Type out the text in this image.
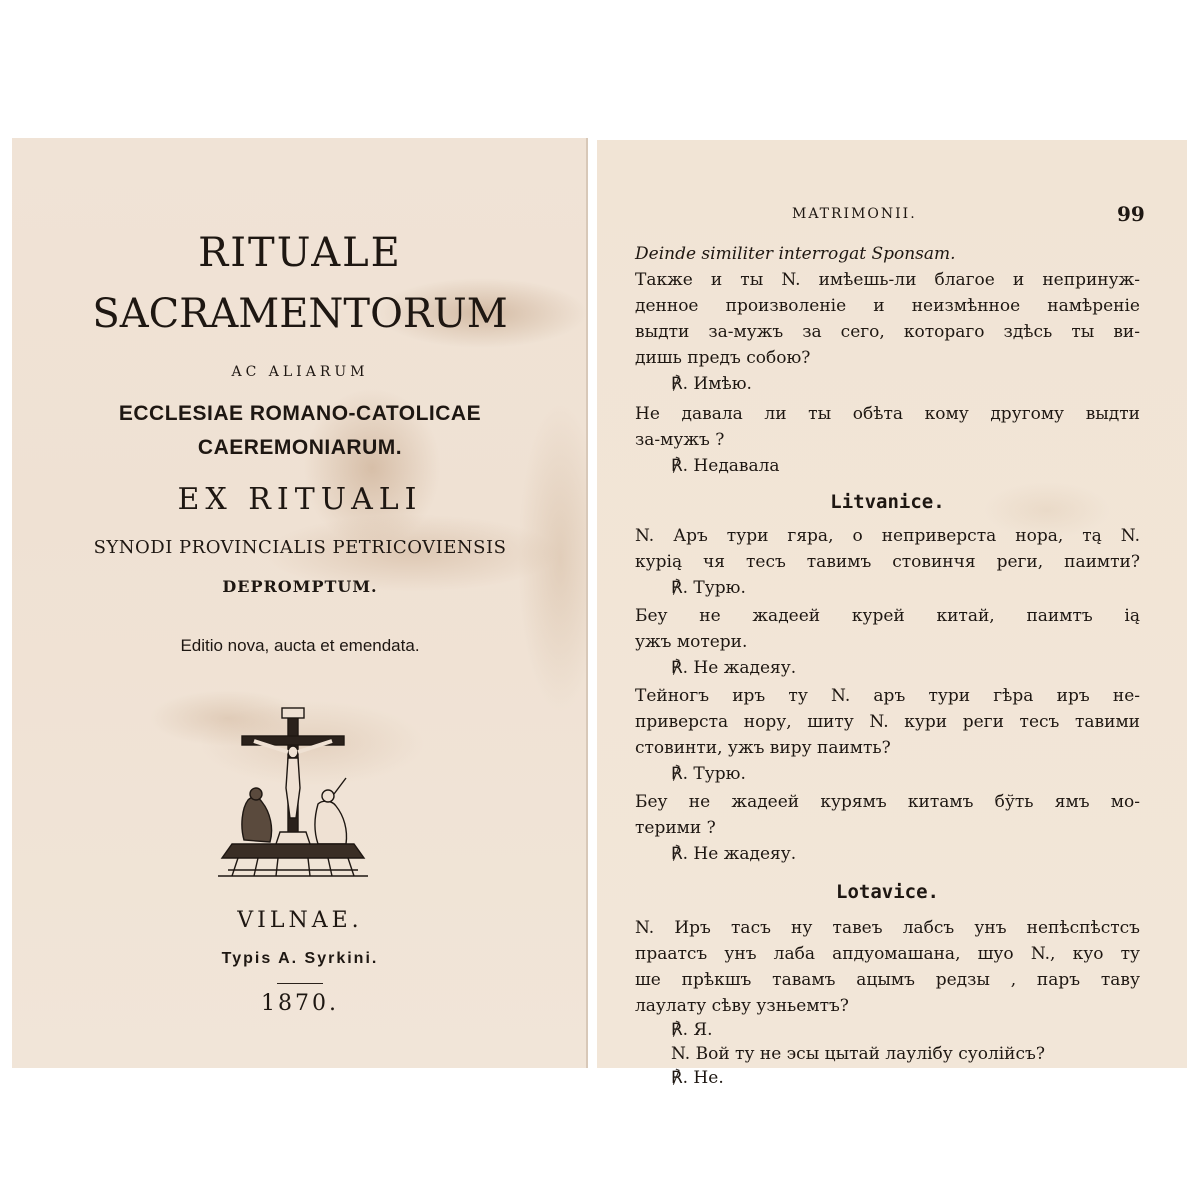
RITUALE

SACRAMENTORUM

AC ALIARUM

ECCLESIAE ROMANO-CATOLICAE

CAEREMONIARUM.

EX RITUALI

SYNODI PROVINCIALIS PETRICOVIENSIS

DEPROMPTUM.

Editio nova, aucta et emendata.

VILNAE.

Typis A. Syrkini.

1870.

MATRIMONII.	99

Deinde similiter interrogat Sponsam.
Также и ты N. имѣешь-ли благое и непринуж-
денное произволеніе и неизмѣнное намѣреніе
выдти за-мужъ за сего, котораго здѣсь ты ви-
дишь предъ собою?
℟. Имѣю.
Не давала ли ты обѣта кому другому выдти
за-мужъ ?
℟. Недавала
Litvanice.
N. Аръ тури гяра, о неприверста нора, тą N.
куріą чя тесъ тавимъ стовинчя реги, паимти?
℟. Турю.
Беу не жадеей курей китай, паимтъ ią
ужъ мотери.
℟. Не жадеяу.
Тейногъ иръ ту N. аръ тури гѣра иръ не-
приверста нору, шиту N. кури реги тесъ тавими
стовинти, ужъ виру паимть?
℟. Турю.
Беу не жадеей курямъ китамъ бўть ямъ мо-
терими ?
℟. Не жадеяу.
Lotavice.
N. Иръ тасъ ну тавеъ лабсъ унъ непѣспѣстсъ
праатсъ унъ лаба апдуомашана, шуо N., куо ту
ше прѣкшъ тавамъ ацымъ редзы , паръ таву
лаулату сѣву узньемтъ?
℟. Я.
N. Вой ту не эсы цытай лаулібу суолійсъ?
℟. Не.
